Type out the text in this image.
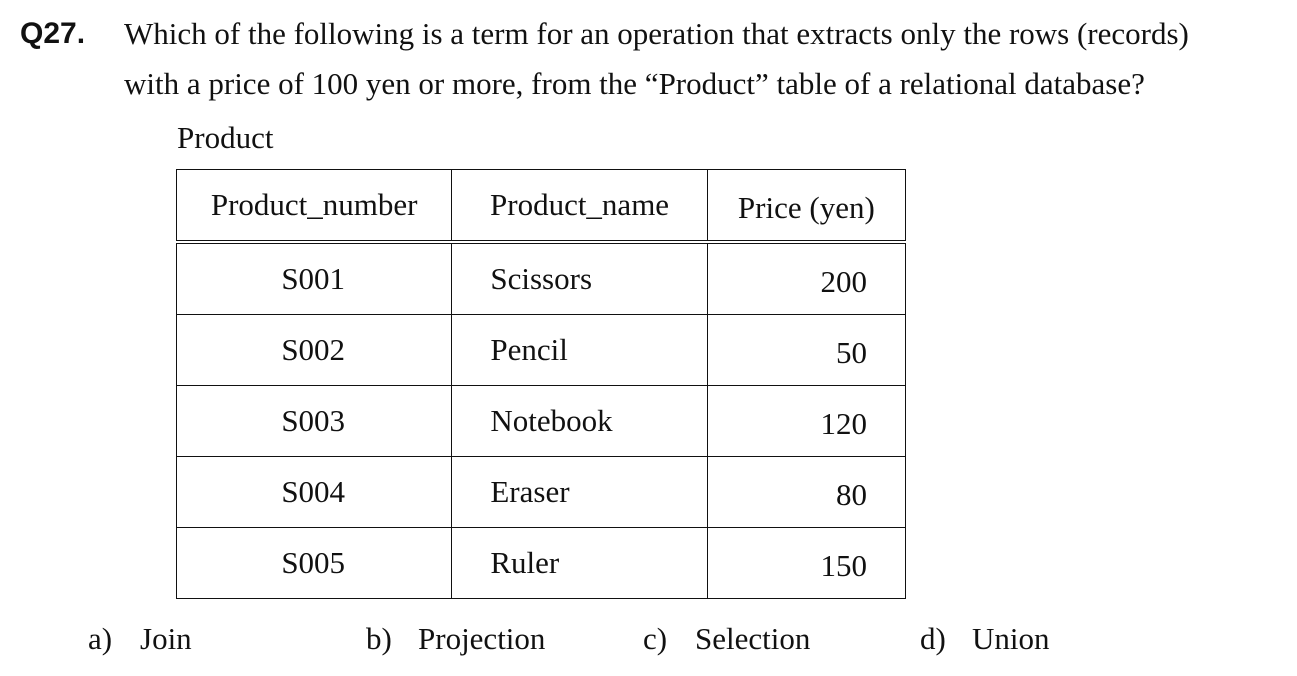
Q27. Which of the following is a term for an operation that extracts only the rows (records)
with a price of 100 yen or more, from the “Product” table of a relational database?
Product
Product_number	Product_name	Price (yen)
S001	Scissors	200
S002	Pencil	50
S003	Notebook	120
S004	Eraser	80
S005	Ruler	150
a) Join	b) Projection	c) Selection	d) Union
